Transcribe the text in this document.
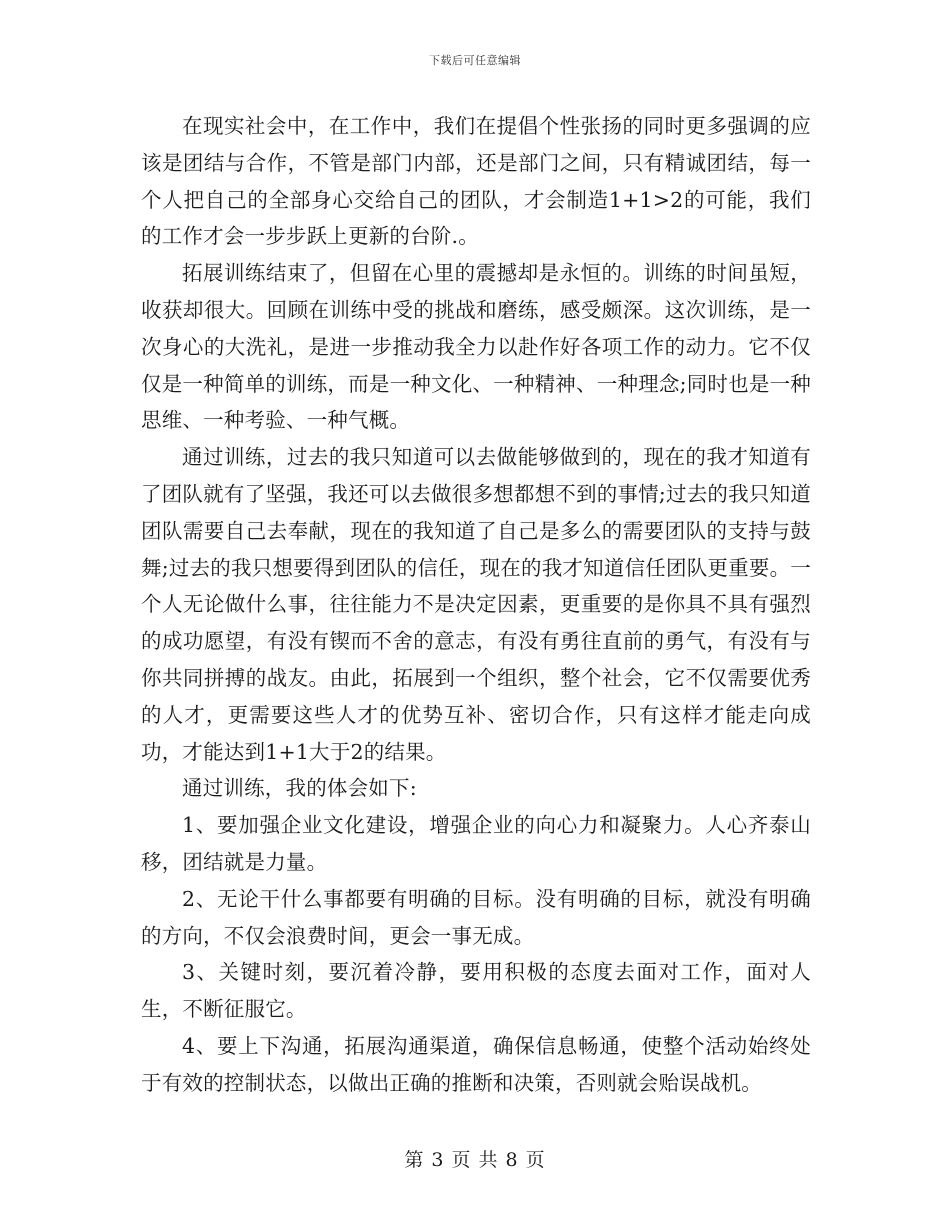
下载后可任意编辑

在现实社会中，在工作中，我们在提倡个性张扬的同时更多强调的应该是团结与合作，不管是部门内部，还是部门之间，只有精诚团结，每一个人把自己的全部身心交给自己的团队，才会制造1+1>2的可能，我们的工作才会一步步跃上更新的台阶.。

拓展训练结束了，但留在心里的震撼却是永恒的。训练的时间虽短，收获却很大。回顾在训练中受的挑战和磨练，感受颇深。这次训练，是一次身心的大洗礼，是进一步推动我全力以赴作好各项工作的动力。它不仅仅是一种简单的训练，而是一种文化、一种精神、一种理念;同时也是一种思维、一种考验、一种气概。

通过训练，过去的我只知道可以去做能够做到的，现在的我才知道有了团队就有了坚强，我还可以去做很多想都想不到的事情;过去的我只知道团队需要自己去奉献，现在的我知道了自己是多么的需要团队的支持与鼓舞;过去的我只想要得到团队的信任，现在的我才知道信任团队更重要。一个人无论做什么事，往往能力不是决定因素，更重要的是你具不具有强烈的成功愿望，有没有锲而不舍的意志，有没有勇往直前的勇气，有没有与你共同拼搏的战友。由此，拓展到一个组织，整个社会，它不仅需要优秀的人才，更需要这些人才的优势互补、密切合作，只有这样才能走向成功，才能达到1+1大于2的结果。

通过训练，我的体会如下:

1、要加强企业文化建设，增强企业的向心力和凝聚力。人心齐泰山移，团结就是力量。

2、无论干什么事都要有明确的目标。没有明确的目标，就没有明确的方向，不仅会浪费时间，更会一事无成。

3、关键时刻，要沉着冷静，要用积极的态度去面对工作，面对人生，不断征服它。

4、要上下沟通，拓展沟通渠道，确保信息畅通，使整个活动始终处于有效的控制状态，以做出正确的推断和决策，否则就会贻误战机。

第 3 页 共 8 页
